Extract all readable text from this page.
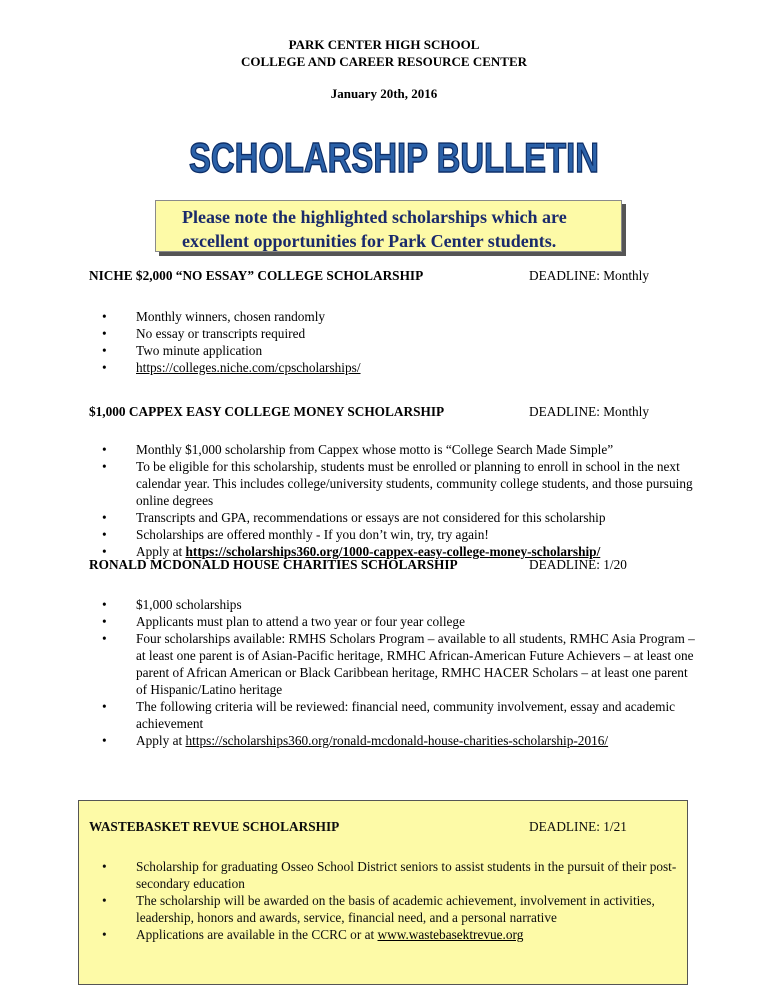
PARK CENTER HIGH SCHOOL
COLLEGE AND CAREER RESOURCE CENTER
January 20th, 2016
SCHOLARSHIP BULLETIN
Please note the highlighted scholarships which are
excellent opportunities for Park Center students.
NICHE $2,000 “NO ESSAY” COLLEGE SCHOLARSHIP	DEADLINE: Monthly
• Monthly winners, chosen randomly
• No essay or transcripts required
• Two minute application
• https://colleges.niche.com/cpscholarships/
$1,000 CAPPEX EASY COLLEGE MONEY SCHOLARSHIP	DEADLINE: Monthly
• Monthly $1,000 scholarship from Cappex whose motto is “College Search Made Simple”
• To be eligible for this scholarship, students must be enrolled or planning to enroll in school in the next calendar year. This includes college/university students, community college students, and those pursuing online degrees
• Transcripts and GPA, recommendations or essays are not considered for this scholarship
• Scholarships are offered monthly - If you don’t win, try, try again!
• Apply at https://scholarships360.org/1000-cappex-easy-college-money-scholarship/
RONALD MCDONALD HOUSE CHARITIES SCHOLARSHIP	DEADLINE: 1/20
• $1,000 scholarships
• Applicants must plan to attend a two year or four year college
• Four scholarships available: RMHS Scholars Program – available to all students, RMHC Asia Program – at least one parent is of Asian-Pacific heritage, RMHC African-American Future Achievers – at least one parent of African American or Black Caribbean heritage, RMHC HACER Scholars – at least one parent of Hispanic/Latino heritage
• The following criteria will be reviewed: financial need, community involvement, essay and academic achievement
• Apply at https://scholarships360.org/ronald-mcdonald-house-charities-scholarship-2016/
WASTEBASKET REVUE SCHOLARSHIP	DEADLINE: 1/21
• Scholarship for graduating Osseo School District seniors to assist students in the pursuit of their post-secondary education
• The scholarship will be awarded on the basis of academic achievement, involvement in activities, leadership, honors and awards, service, financial need, and a personal narrative
• Applications are available in the CCRC or at www.wastebasektrevue.org
